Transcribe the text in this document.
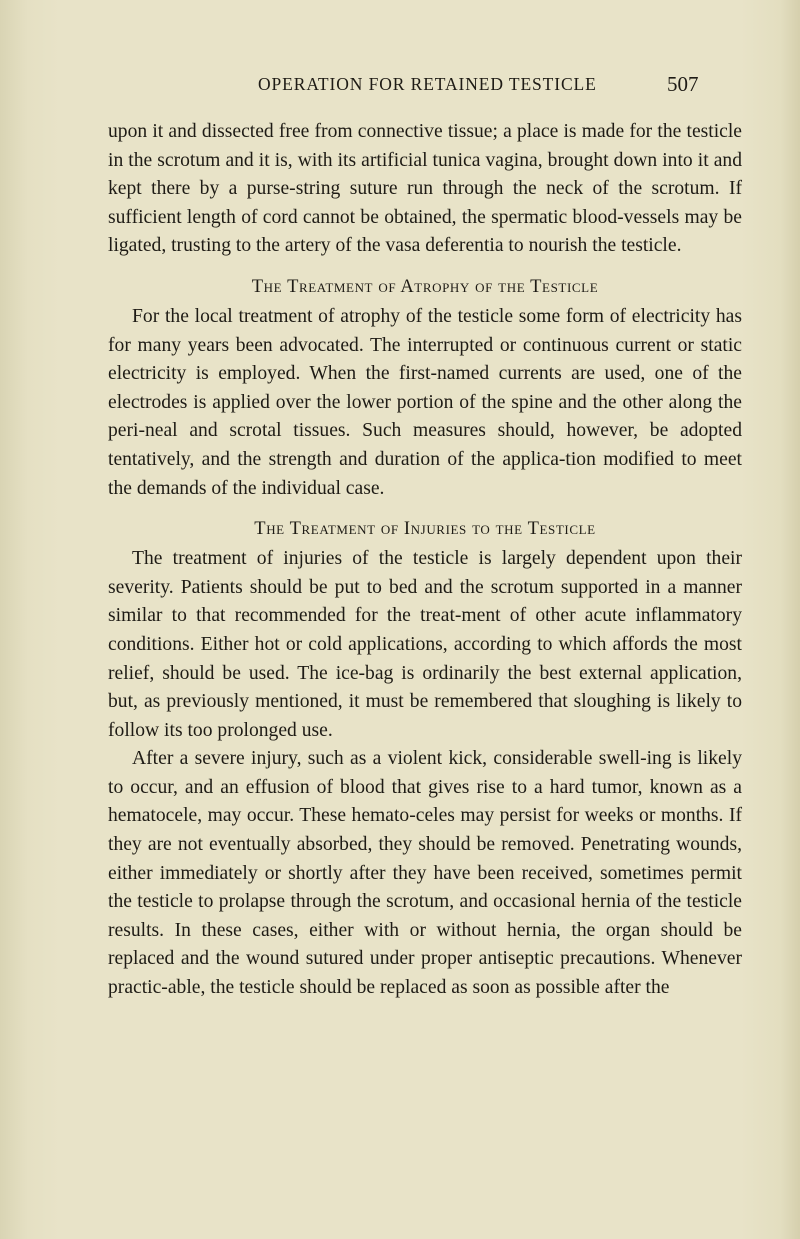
OPERATION FOR RETAINED TESTICLE	507

upon it and dissected free from connective tissue; a place is made for the testicle in the scrotum and it is, with its artificial tunica vagina, brought down into it and kept there by a purse-string suture run through the neck of the scrotum. If sufficient length of cord cannot be obtained, the spermatic blood-vessels may be ligated, trusting to the artery of the vasa deferentia to nourish the testicle.

The Treatment of Atrophy of the Testicle

For the local treatment of atrophy of the testicle some form of electricity has for many years been advocated. The interrupted or continuous current or static electricity is employed. When the first-named currents are used, one of the electrodes is applied over the lower portion of the spine and the other along the peri-neal and scrotal tissues. Such measures should, however, be adopted tentatively, and the strength and duration of the applica-tion modified to meet the demands of the individual case.

The Treatment of Injuries to the Testicle

The treatment of injuries of the testicle is largely dependent upon their severity. Patients should be put to bed and the scrotum supported in a manner similar to that recommended for the treat-ment of other acute inflammatory conditions. Either hot or cold applications, according to which affords the most relief, should be used. The ice-bag is ordinarily the best external application, but, as previously mentioned, it must be remembered that sloughing is likely to follow its too prolonged use.

After a severe injury, such as a violent kick, considerable swell-ing is likely to occur, and an effusion of blood that gives rise to a hard tumor, known as a hematocele, may occur. These hemato-celes may persist for weeks or months. If they are not eventually absorbed, they should be removed. Penetrating wounds, either immediately or shortly after they have been received, sometimes permit the testicle to prolapse through the scrotum, and occasional hernia of the testicle results. In these cases, either with or without hernia, the organ should be replaced and the wound sutured under proper antiseptic precautions. Whenever practic-able, the testicle should be replaced as soon as possible after the
